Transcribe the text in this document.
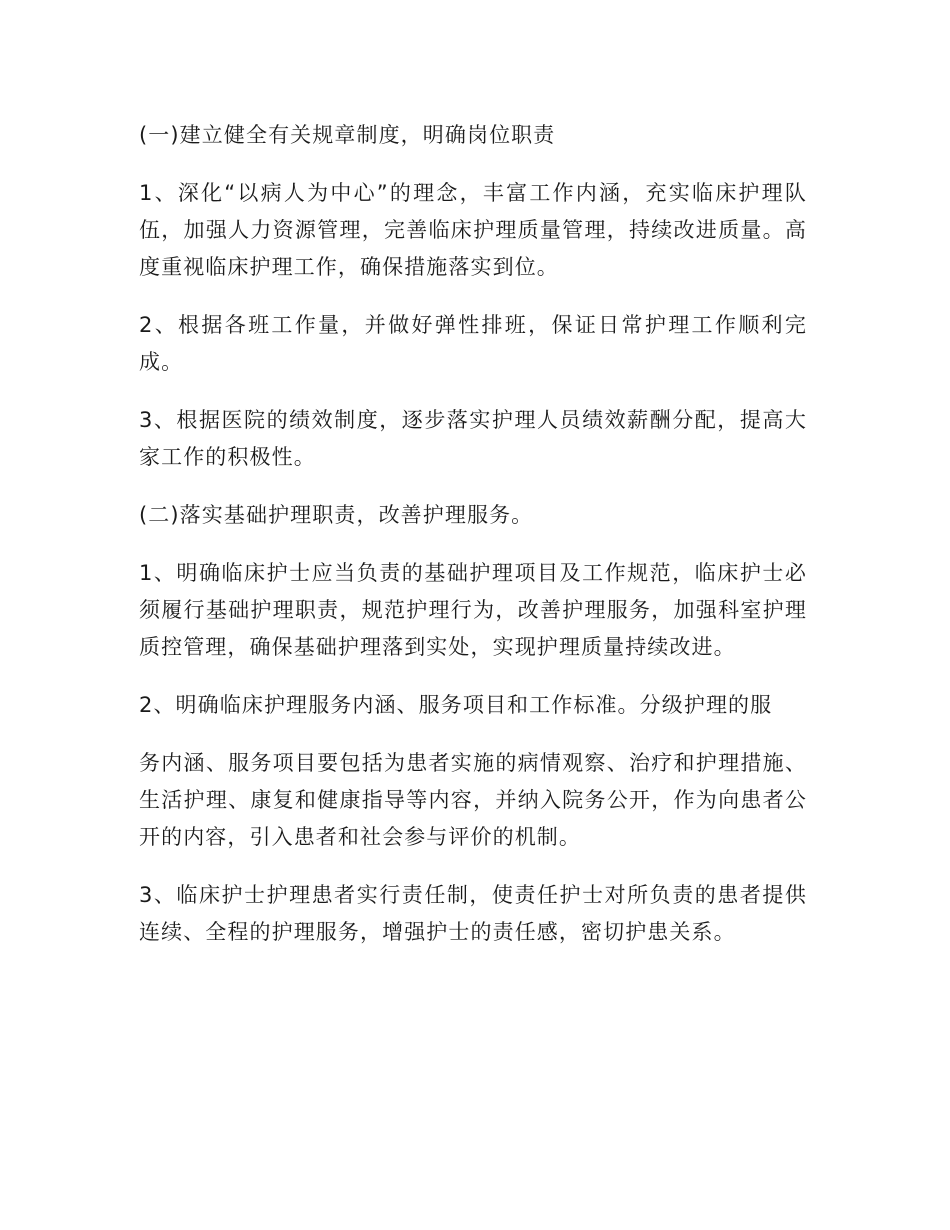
(一)建立健全有关规章制度，明确岗位职责

1、深化“以病人为中心”的理念，丰富工作内涵，充实临床护理队伍，加强人力资源管理，完善临床护理质量管理，持续改进质量。高度重视临床护理工作，确保措施落实到位。

2、根据各班工作量，并做好弹性排班，保证日常护理工作顺利完成。

3、根据医院的绩效制度，逐步落实护理人员绩效薪酬分配，提高大家工作的积极性。

(二)落实基础护理职责，改善护理服务。

1、明确临床护士应当负责的基础护理项目及工作规范，临床护士必须履行基础护理职责，规范护理行为，改善护理服务，加强科室护理质控管理，确保基础护理落到实处，实现护理质量持续改进。

2、明确临床护理服务内涵、服务项目和工作标准。分级护理的服

务内涵、服务项目要包括为患者实施的病情观察、治疗和护理措施、生活护理、康复和健康指导等内容，并纳入院务公开，作为向患者公开的内容，引入患者和社会参与评价的机制。

3、临床护士护理患者实行责任制，使责任护士对所负责的患者提供连续、全程的护理服务，增强护士的责任感，密切护患关系。
